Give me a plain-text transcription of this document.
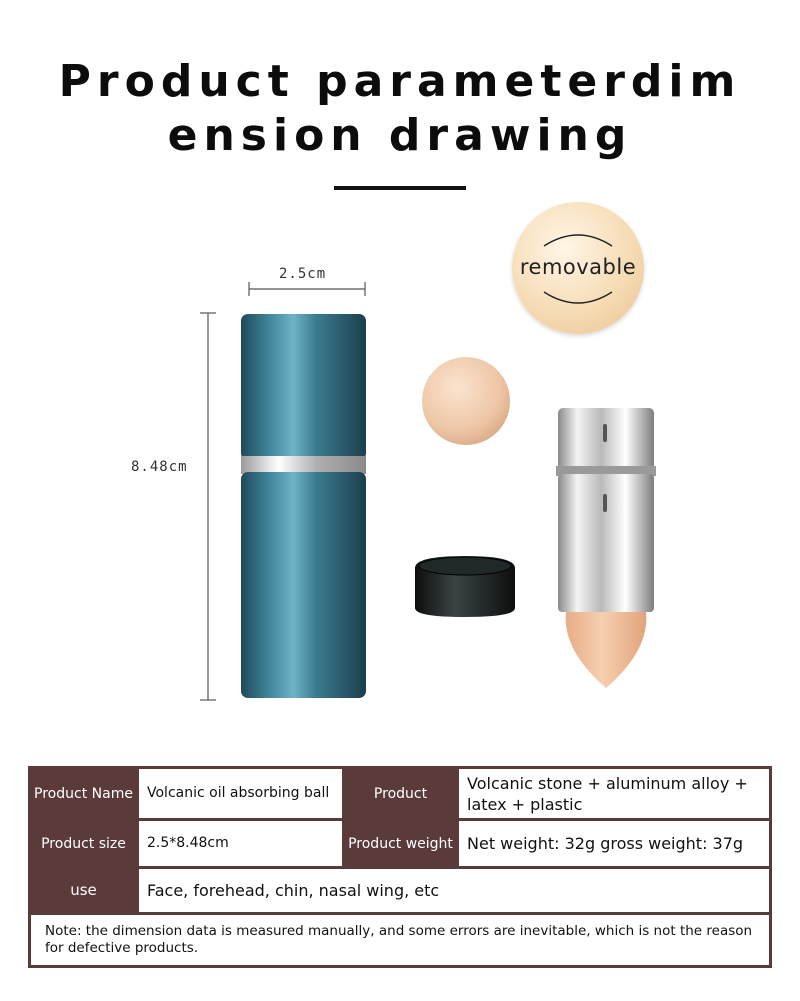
Product parameterdim
ension drawing
2.5cm
8.48cm
removable
Product Name	Volcanic oil absorbing ball	Product	Volcanic stone + aluminum alloy + latex + plastic
Product size	2.5*8.48cm	Product weight	Net weight: 32g gross weight: 37g
use	Face, forehead, chin, nasal wing, etc		
Note: the dimension data is measured manually, and some errors are inevitable, which is not the reason for defective products.			
